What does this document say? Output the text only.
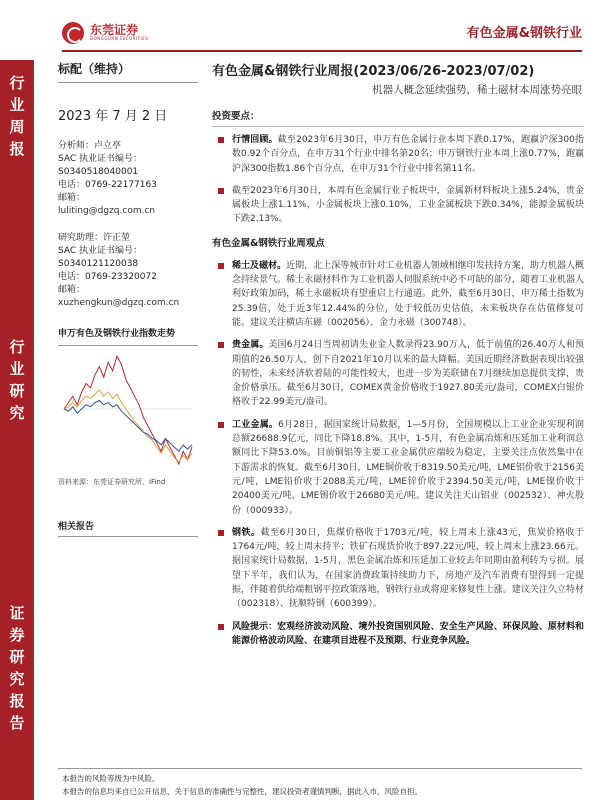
东莞证券
DONGGUAN SECURITIES	有色金属&钢铁行业
行
业
周
报
行
业
研
究
证
券
研
究
报
告
标配（维持）
2023 年 7 月 2 日
分析师：卢立亭
SAC 执业证书编号：
S0340518040001
电话：0769-22177163
邮箱：
luliting@dgzq.com.cn
研究助理：许正堃
SAC 执业证书编号：
S0340121120038
电话：0769-23320072
邮箱：
xuzhengkun@dgzq.com.cn
申万有色及钢铁行业指数走势
资料来源：东莞证券研究所，iFind
相关报告
有色金属&钢铁行业周报(2023/06/26-2023/07/02)
机器人概念延续强势，稀土磁材本周涨势亮眼
投资要点：
行情回顾。截至2023年6月30日，申万有色金属行业本周下跌0.17%，跑赢沪深300指数0.92个百分点，在申万31个行业中排名第20名；申万钢铁行业本周上涨0.77%，跑赢沪深300指数1.86个百分点，在申万31个行业中排名第11名。
截至2023年6月30日，本周有色金属行业子板块中，金属新材料板块上涨5.24%，贵金属板块上涨1.11%，小金属板块上涨0.10%，工业金属板块下跌0.34%，能源金属板块下跌2.13%。
有色金属&钢铁行业周观点
稀土及磁材。近期，北上深等城市针对工业机器人领域相继印发扶持方案，助力机器人概念持续景气。稀土永磁材料作为工业机器人伺服系统中必不可缺的部分，随着工业机器人利好政策加码，稀土永磁板块有望重启上行通道。此外，截至6月30日，申万稀土指数为25.39倍，处于近3年12.44%的分位，处于较低历史估值，未来板块存在估值修复可能。建议关注横店东磁（002056）、金力永磁（300748）。
贵金属。美国6月24日当周初请失业金人数录得23.90万人，低于前值的26.40万人和预期值的26.50万人，创下自2021年10月以来的最大降幅。美国近期经济数据表现出较强的韧性，未来经济软着陆的可能性较大，也进一步为美联储在7月继续加息提供支撑，贵金价格承压。截至6月30日，COMEX黄金价格收于1927.80美元/盎司，COMEX白银价格收于22.99美元/盎司。
工业金属。6月28日，据国家统计局数据，1—5月份，全国规模以上工业企业实现利润总额26688.9亿元，同比下降18.8%。其中，1-5月，有色金属冶炼和压延加工业利润总额同比下降53.0%。目前铜铝等主要工业金属供应端较为稳定，主要关注点依然集中在下游需求的恢复。截至6月30日，LME铜价收于8319.50美元/吨，LME铝价收于2156美元/吨，LME铅价收于2088美元/吨，LME锌价收于2394.50美元/吨，LME镍价收于20400美元/吨，LME锡价收于26680美元/吨。建议关注天山铝业（002532）、神火股份（000933）。
钢铁。截至6月30日，焦煤价格收于1703元/吨，较上周末上涨43元，焦炭价格收于1764元/吨，较上周末持平；铁矿石现货价收于897.22元/吨，较上周末上涨23.66元。据国家统计局数据，1-5月，黑色金属冶炼和压延加工业较去年同期由盈利转为亏损。展望下半年，我们认为，在国家消费政策持续助力下，房地产及汽车消费有望得到一定提振，伴随着供给端粗钢平控政策落地，钢铁行业或将迎来修复性上涨。建议关注久立特材（002318）、抚顺特钢（600399）。
风险提示：宏观经济波动风险、境外投资国别风险、安全生产风险、环保风险、原材料和能源价格波动风险、在建项目进程不及预期、行业竞争风险。
本报告的风险等级为中风险。
本报告的信息均来自已公开信息，关于信息的准确性与完整性，建议投资者谨慎判断，据此入市，风险自担。
